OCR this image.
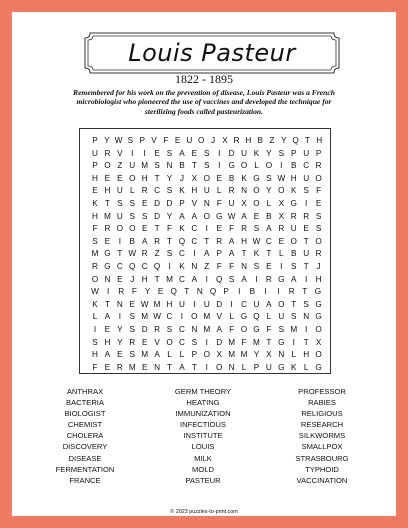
Louis Pasteur
1822 - 1895
Remembered for his work on the prevention of disease, Louis Pasteur was a French microbiologist who pioneered the use of vaccines and developed the technique for sterilizing foods called pasteurization.
P Y W S P V F E U O J X R H B Z Y Q T H
U R V	I	I	E S A E S	I	D U K Y S P U P
P O Z U M S N B T S	I G O L O I	B C R
H E E O H T Y J X O E B K G S W H U O
E H U L R C S K H U L R N O Y O K S F
K T S S E D D P V N F U X O L X G I	E
H M U S S D Y A A O G W A E B X R R S
F R O O E T F K C	I	E F R S A R U E S
S E	I	B A R T Q C T R A H W C E O T O
M G T W R Z S C	I	A P A T K T L B U R
R G C Q C Q I	K N Z F F N S E	I	S T J
O N E J H T M C A	I Q S A	I	R G A	I	H
W I	R F Y E Q T N Q P	I	B	I	I	R T G
K T N E W M H U	I	U D	I	C U A O T S G
L A	I	S M W C	I O M V L G Q L U S N G
I	E Y S D R S C N M A F O G F S M I O
S H Y R E V O C S	I	D M F M T G I	T X
H A E S M A L L P O X M M Y X N L H O
F E R M E N T A T	I O N L P U G K L G
ANTHRAX
BACTERIA
BIOLOGIST
CHEMIST
CHOLERA
DISCOVERY
DISEASE
FERMENTATION
FRANCE
GERM THEORY
HEATING
IMMUNIZATION
INFECTIOUS
INSTITUTE
LOUIS
MILK
MOLD
PASTEUR
PROFESSOR
RABIES
RELIGIOUS
RESEARCH
SILKWORMS
SMALLPOX
STRASBOURG
TYPHOID
VACCINATION
© 2023 puzzles-to-print.com
